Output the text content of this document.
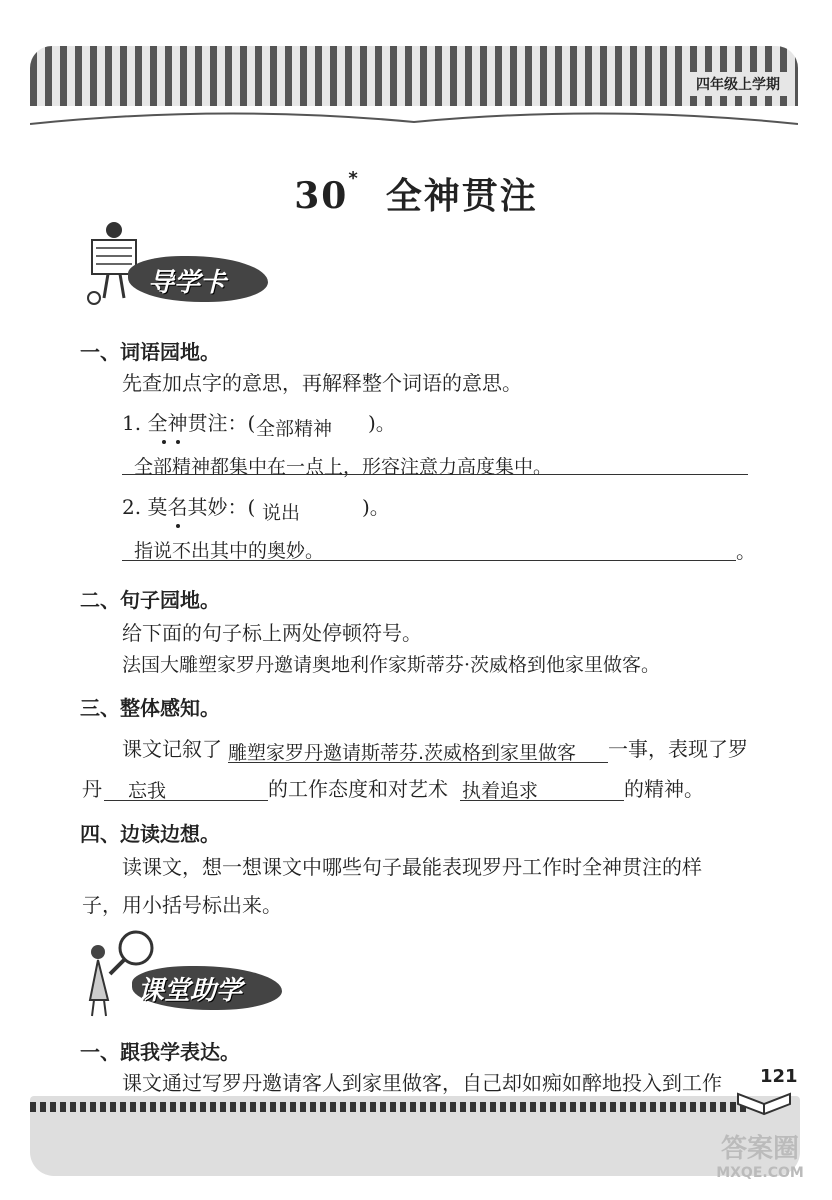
四年级上学期
30* 全神贯注
导学卡
一、词语园地。
先查加点字的意思，再解释整个词语的意思。
1. 全神贯注：( 全部精神 )。
全部精神都集中在一点上，形容注意力高度集中。
2. 莫名其妙：( 说出	)。
指说不出其中的奥妙。	。
二、句子园地。
给下面的句子标上两处停顿符号。
法国大雕塑家罗丹邀请奥地利作家斯蒂芬·茨威格到他家里做客。
三、整体感知。
课文记叙了 雕塑家罗丹邀请斯蒂芬.茨威格到家里做客 一事，表现了罗
丹 忘我	的工作态度和对艺术 执着追求	的精神。
四、边读边想。
读课文，想一想课文中哪些句子最能表现罗丹工作时全神贯注的样
子，用小括号标出来。
课堂助学
一、跟我学表达。
课文通过写罗丹邀请客人到家里做客，自己却如痴如醉地投入到工作 121
答案圈
MXQE.COM
